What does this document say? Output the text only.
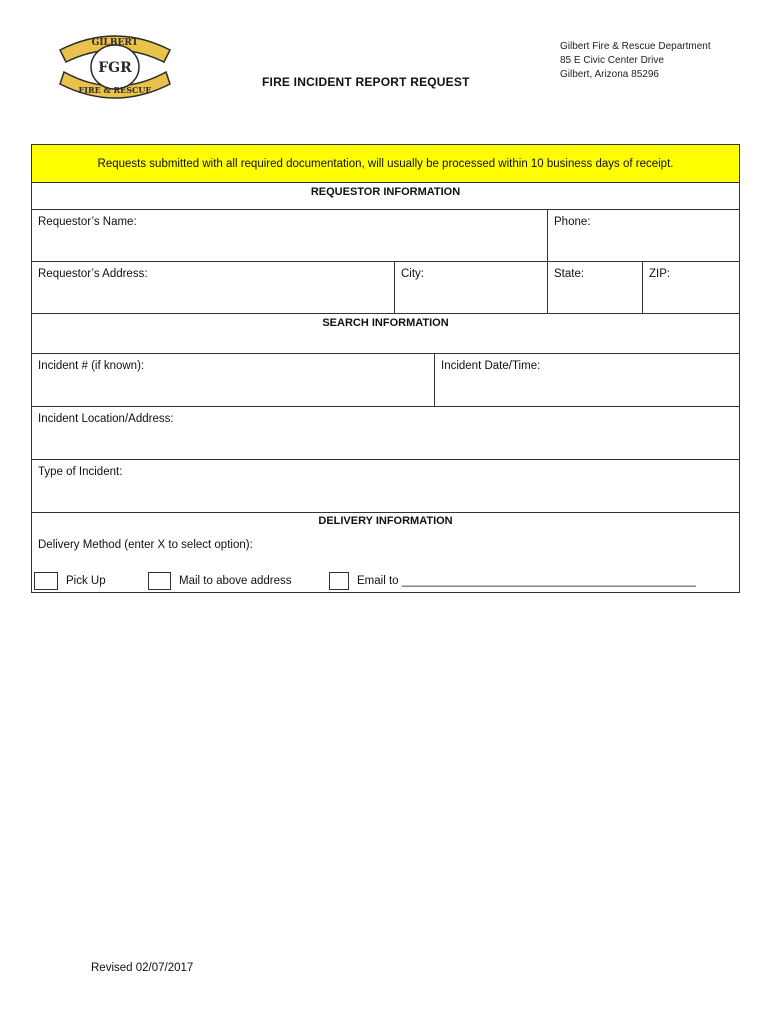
GILBERT
FGR
FIRE & RESCUE
Gilbert Fire & Rescue Department
85 E Civic Center Drive
Gilbert, Arizona 85296
FIRE INCIDENT REPORT REQUEST
Requests submitted with all required documentation, will usually be processed within 10 business days of receipt.
REQUESTOR INFORMATION
Requestor’s Name:	Phone:
Requestor’s Address:	City:	State:	ZIP:
SEARCH INFORMATION
Incident # (if known):	Incident Date/Time:
Incident Location/Address:
Type of Incident:
DELIVERY INFORMATION
Delivery Method (enter X to select option):
Pick Up	Mail to above address	Email to ______________________________________________
Revised 02/07/2017
